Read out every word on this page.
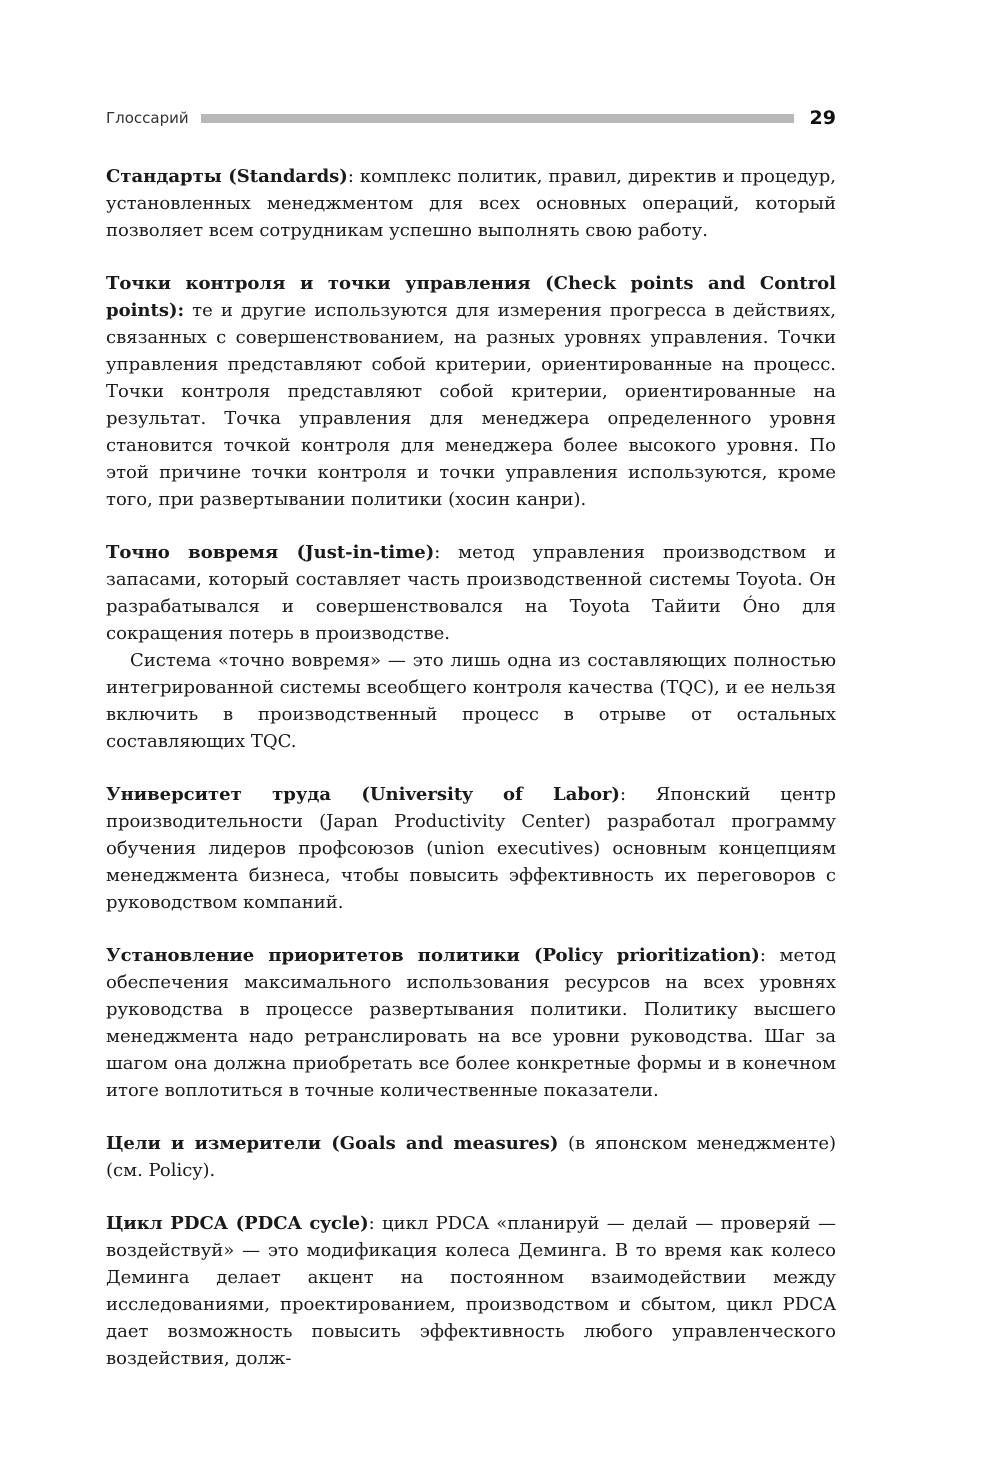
Глоссарий	29

Стандарты (Standards): комплекс политик, правил, директив и процедур, установленных менеджментом для всех основных операций, который позволяет всем сотрудникам успешно выполнять свою работу.

Точки контроля и точки управления (Check points and Control points): те и другие используются для измерения прогресса в действиях, связанных с совершенствованием, на разных уровнях управления. Точки управления представляют собой критерии, ориентированные на процесс. Точки контроля представляют собой критерии, ориентированные на результат. Точка управления для менеджера определенного уровня становится точкой контроля для менеджера более высокого уровня. По этой причине точки контроля и точки управления используются, кроме того, при развертывании политики (хосин канри).

Точно вовремя (Just-in-time): метод управления производством и запасами, который составляет часть производственной системы Toyota. Он разрабатывался и совершенствовался на Toyota Тайити Óно для сокращения потерь в производстве.

Система «точно вовремя» — это лишь одна из составляющих полностью интегрированной системы всеобщего контроля качества (TQC), и ее нельзя включить в производственный процесс в отрыве от остальных составляющих TQC.

Университет труда (University of Labor): Японский центр производительности (Japan Productivity Center) разработал программу обучения лидеров профсоюзов (union executives) основным концепциям менеджмента бизнеса, чтобы повысить эффективность их переговоров с руководством компаний.

Установление приоритетов политики (Policy prioritization): метод обеспечения максимального использования ресурсов на всех уровнях руководства в процессе развертывания политики. Политику высшего менеджмента надо ретранслировать на все уровни руководства. Шаг за шагом она должна приобретать все более конкретные формы и в конечном итоге воплотиться в точные количественные показатели.

Цели и измерители (Goals and measures) (в японском менеджменте) (см. Policy).

Цикл PDCA (PDCA cycle): цикл PDCA «планируй — делай — проверяй — воздействуй» — это модификация колеса Деминга. В то время как колесо Деминга делает акцент на постоянном взаимодействии между исследованиями, проектированием, производством и сбытом, цикл PDCA дает возможность повысить эффективность любого управленческого воздействия, долж-
